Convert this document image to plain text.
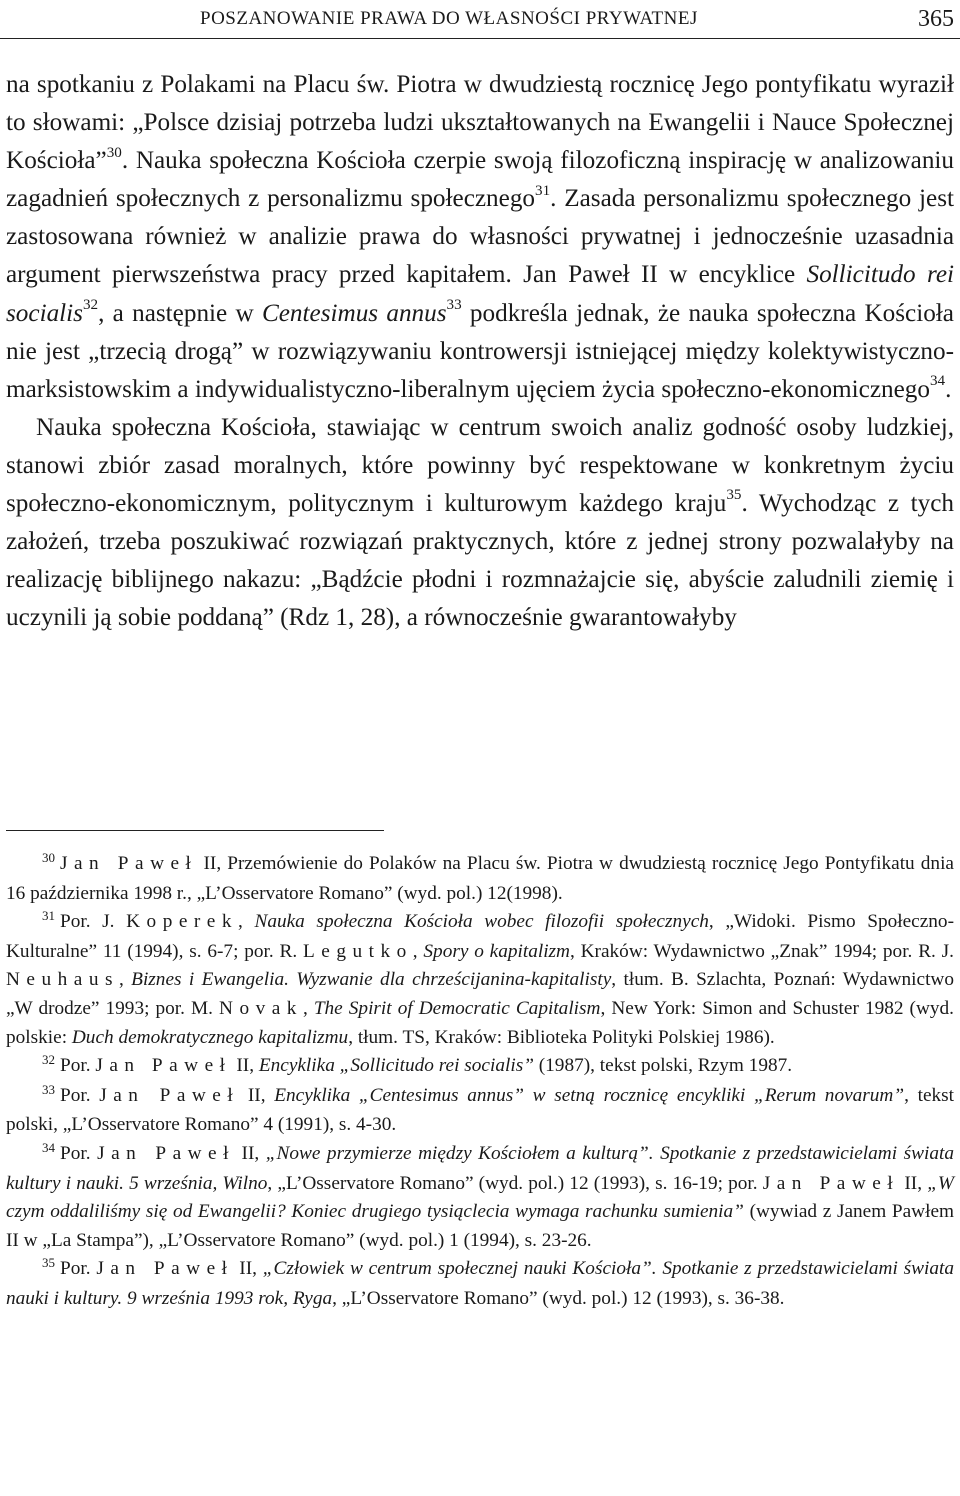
POSZANOWANIE PRAWA DO WŁASNOŚCI PRYWATNEJ	365

na spotkaniu z Polakami na Placu św. Piotra w dwudziestą rocznicę Jego pontyfikatu wyraził to słowami: „Polsce dzisiaj potrzeba ludzi ukształtowanych na Ewangelii i Nauce Społecznej Kościoła”$^{30}$. Nauka społeczna Kościoła czerpie swoją filozoficzną inspirację w analizowaniu zagadnień społecznych z personalizmu społecznego$^{31}$. Zasada personalizmu społecznego jest zastosowana również w analizie prawa do własności prywatnej i jednocześnie uzasadnia argument pierwszeństwa pracy przed kapitałem. Jan Paweł II w encyklice Sollicitudo rei socialis$^{32}$, a następnie w Centesimus annus$^{33}$ podkreśla jednak, że nauka społeczna Kościoła nie jest „trzecią drogą” w rozwiązywaniu kontrowersji istniejącej między kolektywistyczno-marksistowskim a indywidualistyczno-liberalnym ujęciem życia społeczno-ekonomicznego$^{34}$.

Nauka społeczna Kościoła, stawiając w centrum swoich analiz godność osoby ludzkiej, stanowi zbiór zasad moralnych, które powinny być respektowane w konkretnym życiu społeczno-ekonomicznym, politycznym i kulturowym każdego kraju$^{35}$. Wychodząc z tych założeń, trzeba poszukiwać rozwiązań praktycznych, które z jednej strony pozwalałyby na realizację biblijnego nakazu: „Bądźcie płodni i rozmnażajcie się, abyście zaludnili ziemię i uczynili ją sobie poddaną” (Rdz 1, 28), a równocześnie gwarantowałyby

$^{30}$ Jan Paweł II, Przemówienie do Polaków na Placu św. Piotra w dwudziestą rocznicę Jego Pontyfikatu dnia 16 października 1998 r., „L’Osservatore Romano” (wyd. pol.) 12(1998).

$^{31}$ Por. J. Koperek, Nauka społeczna Kościoła wobec filozofii społecznych, „Widoki. Pismo Społeczno-Kulturalne” 11 (1994), s. 6-7; por. R. Legutko, Spory o kapitalizm, Kraków: Wydawnictwo „Znak” 1994; por. R. J. Neuhaus, Biznes i Ewangelia. Wyzwanie dla chrześcijanina-kapitalisty, tłum. B. Szlachta, Poznań: Wydawnictwo „W drodze” 1993; por. M. Novak, The Spirit of Democratic Capitalism, New York: Simon and Schuster 1982 (wyd. polskie: Duch demokratycznego kapitalizmu, tłum. TS, Kraków: Biblioteka Polityki Polskiej 1986).

$^{32}$ Por. Jan Paweł II, Encyklika „Sollicitudo rei socialis” (1987), tekst polski, Rzym 1987.

$^{33}$ Por. Jan Paweł II, Encyklika „Centesimus annus” w setną rocznicę encykliki „Rerum novarum”, tekst polski, „L’Osservatore Romano” 4 (1991), s. 4-30.

$^{34}$ Por. Jan Paweł II, „Nowe przymierze między Kościołem a kulturą”. Spotkanie z przedstawicielami świata kultury i nauki. 5 września, Wilno, „L’Osservatore Romano” (wyd. pol.) 12 (1993), s. 16-19; por. Jan Paweł II, „W czym oddaliliśmy się od Ewangelii? Koniec drugiego tysiąclecia wymaga rachunku sumienia” (wywiad z Janem Pawłem II w „La Stampa”), „L’Osservatore Romano” (wyd. pol.) 1 (1994), s. 23-26.

$^{35}$ Por. Jan Paweł II, „Człowiek w centrum społecznej nauki Kościoła”. Spotkanie z przedstawicielami świata nauki i kultury. 9 września 1993 rok, Ryga, „L’Osservatore Romano” (wyd. pol.) 12 (1993), s. 36-38.
